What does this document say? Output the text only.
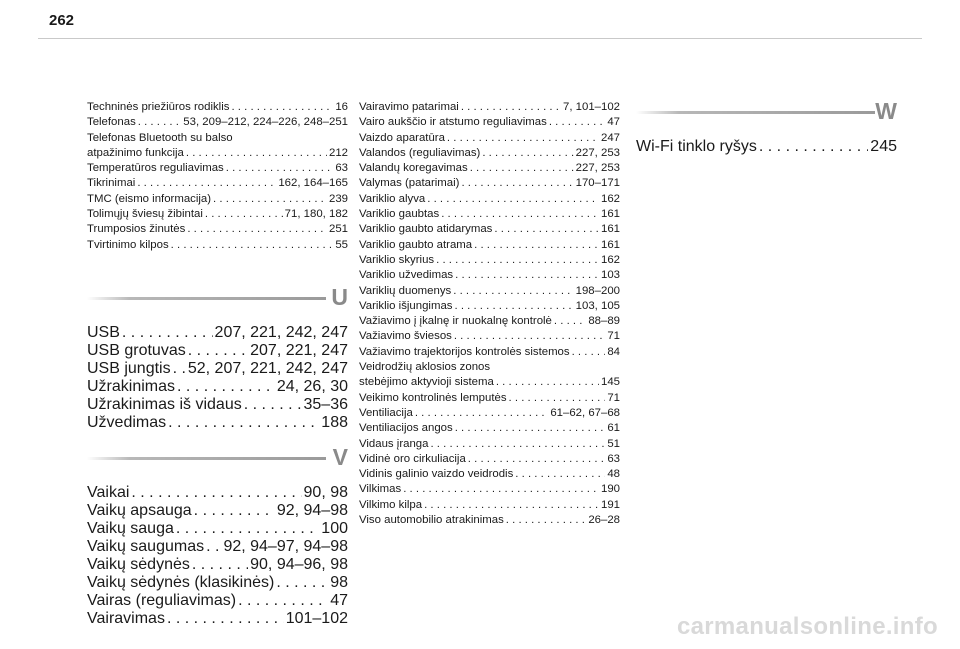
262
Techninės priežiūros rodiklis . . .	16
Telefonas . . .	53, 209–212, 224–226, 248–251
Telefonas Bluetooth su balso
atpažinimo funkcija . . .	212
Temperatūros reguliavimas . . .	63
Tikrinimai . . .	162, 164–165
TMC (eismo informacija) . . .	239
Tolimųjų šviesų žibintai . . .	71, 180, 182
Trumposios žinutės . . .	251
Tvirtinimo kilpos . . .	55
U
USB . . .	207, 221, 242, 247
USB grotuvas . . .	207, 221, 247
USB jungtis . . . 52, 207, 221, 242, 247
Užrakinimas . . .	24, 26, 30
Užrakinimas iš vidaus . . .	35–36
Užvedimas . . .	188
V
Vaikai . . .	90, 98
Vaikų apsauga . . .	92, 94–98
Vaikų sauga . . .	100
Vaikų saugumas . . . 92, 94–97, 94–98
Vaikų sėdynės . . .	90, 94–96, 98
Vaikų sėdynės (klasikinės) . . .	98
Vairas (reguliavimas) . . .	47
Vairavimas . . .	101–102
Vairavimo patarimai . . .	7, 101–102
Vairo aukščio ir atstumo reguliavimas . . .	47
Vaizdo aparatūra . . .	247
Valandos (reguliavimas) . . .	227, 253
Valandų koregavimas . . .	227, 253
Valymas (patarimai) . . .	170–171
Variklio alyva . . .	162
Variklio gaubtas . . .	161
Variklio gaubto atidarymas . . .	161
Variklio gaubto atrama . . .	161
Variklio skyrius . . .	162
Variklio užvedimas . . .	103
Variklių duomenys . . .	198–200
Variklio išjungimas . . .	103, 105
Važiavimo į įkalnę ir nuokalnę kontrolė . . .	88–89
Važiavimo šviesos . . .	71
Važiavimo trajektorijos kontrolės sistemos . . .	84
Veidrodžių aklosios zonos
stebėjimo aktyvioji sistema . . .	145
Veikimo kontrolinės lemputės . . .	71
Ventiliacija . . .	61–62, 67–68
Ventiliacijos angos . . .	61
Vidaus įranga . . .	51
Vidinė oro cirkuliacija . . .	63
Vidinis galinio vaizdo veidrodis . . .	48
Vilkimas . . .	190
Vilkimo kilpa . . .	191
Viso automobilio atrakinimas . . .	26–28
W
Wi-Fi tinklo ryšys . . .	245
carmanualsonline.info
